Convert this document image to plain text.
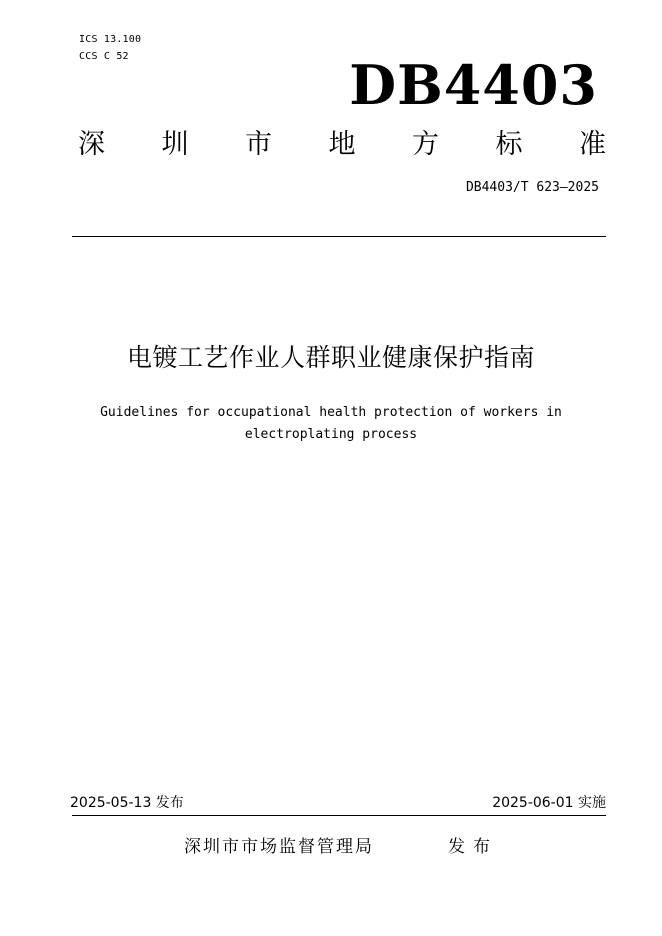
ICS 13.100
CCS C 52	DB4403
深 圳 市 地 方 标 准
DB4403/T 623—2025
电镀工艺作业人群职业健康保护指南
Guidelines for occupational health protection of workers in
electroplating process
2025-05-13 发布	2025-06-01 实施
深圳市市场监督管理局	发布
